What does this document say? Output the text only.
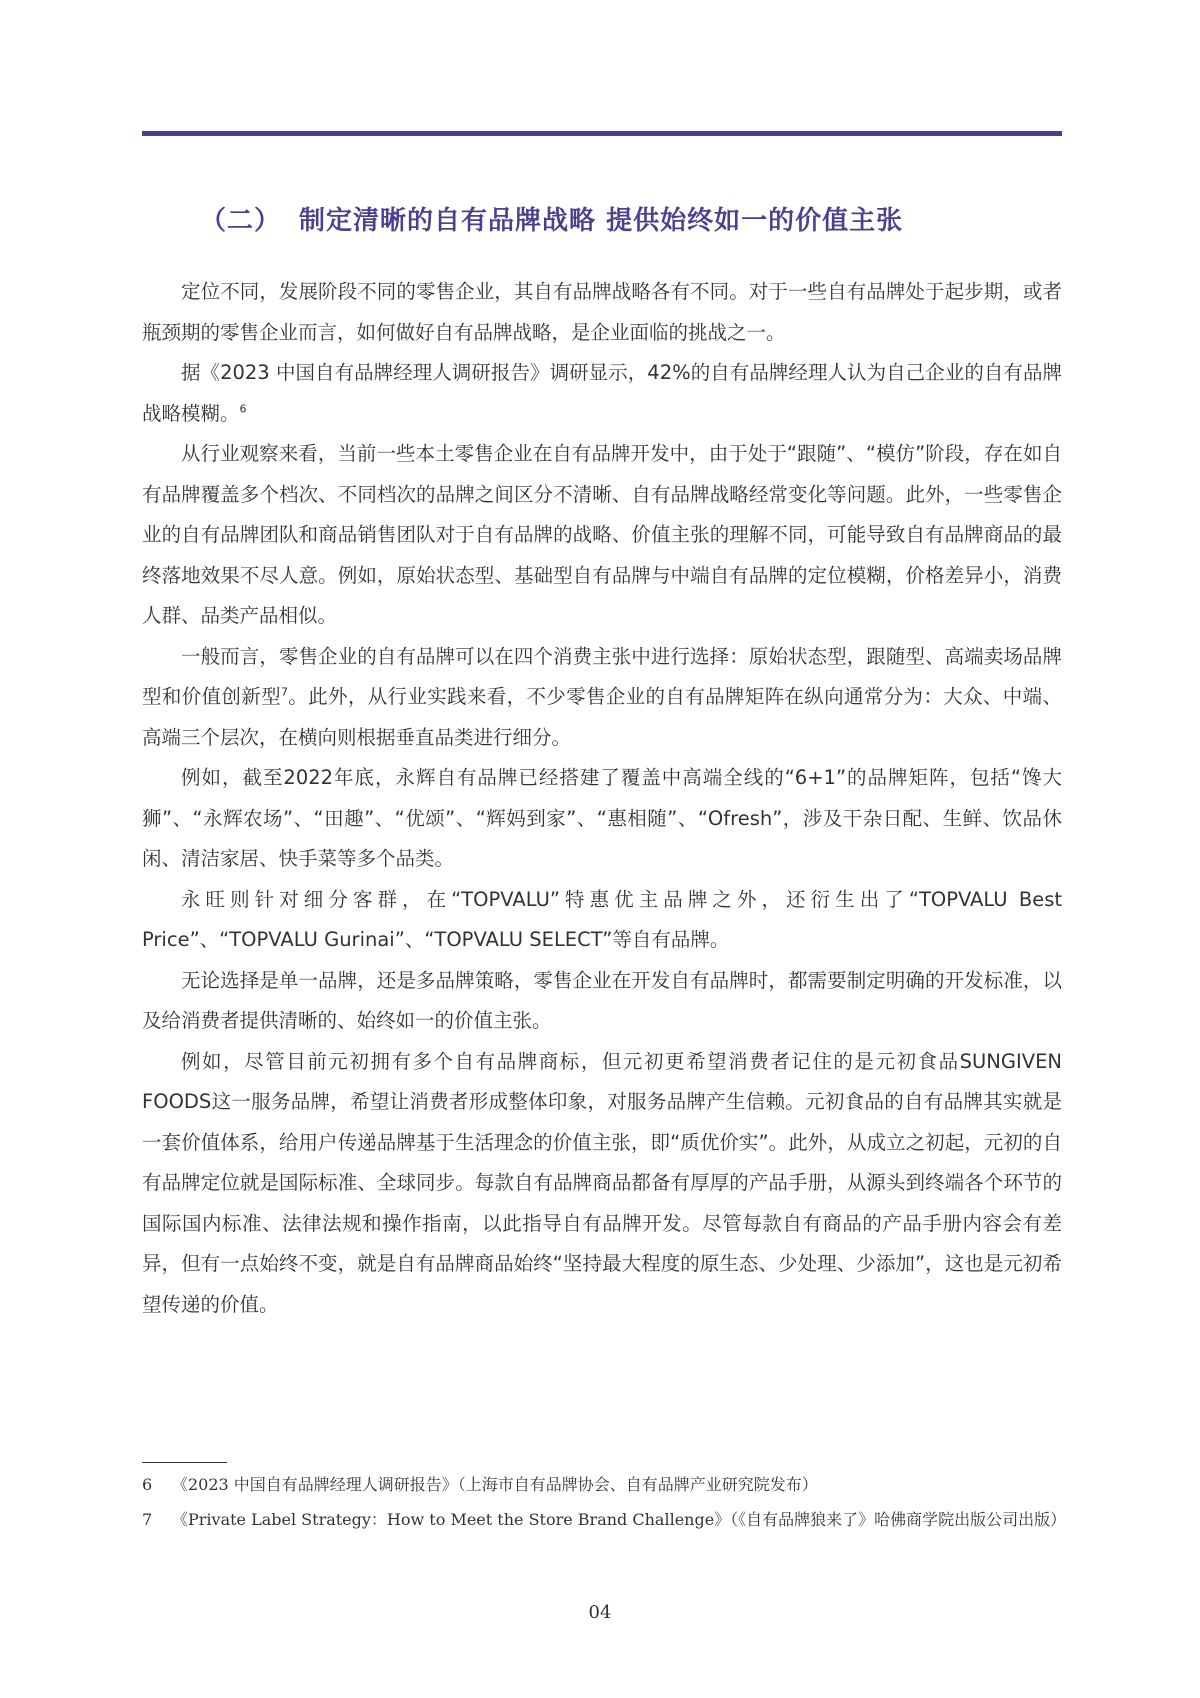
（二） 制定清晰的自有品牌战略 提供始终如一的价值主张

定位不同，发展阶段不同的零售企业，其自有品牌战略各有不同。对于一些自有品牌处于起步期，或者瓶颈期的零售企业而言，如何做好自有品牌战略，是企业面临的挑战之一。

据《2023 中国自有品牌经理人调研报告》调研显示，42%的自有品牌经理人认为自己企业的自有品牌战略模糊。$^6$

从行业观察来看，当前一些本土零售企业在自有品牌开发中，由于处于“跟随”、“模仿”阶段，存在如自有品牌覆盖多个档次、不同档次的品牌之间区分不清晰、自有品牌战略经常变化等问题。此外，一些零售企业的自有品牌团队和商品销售团队对于自有品牌的战略、价值主张的理解不同，可能导致自有品牌商品的最终落地效果不尽人意。例如，原始状态型、基础型自有品牌与中端自有品牌的定位模糊，价格差异小，消费人群、品类产品相似。

一般而言，零售企业的自有品牌可以在四个消费主张中进行选择：原始状态型，跟随型、高端卖场品牌型和价值创新型$^7$。此外，从行业实践来看，不少零售企业的自有品牌矩阵在纵向通常分为：大众、中端、高端三个层次，在横向则根据垂直品类进行细分。

例如，截至2022年底，永辉自有品牌已经搭建了覆盖中高端全线的“6+1”的品牌矩阵，包括“馋大狮”、“永辉农场”、“田趣”、“优颂”、“辉妈到家”、“惠相随”、“Ofresh”，涉及干杂日配、生鲜、饮品休闲、清洁家居、快手菜等多个品类。

永旺则针对细分客群，在“TOPVALU”特惠优主品牌之外，还衍生出了“TOPVALU Best Price”、“TOPVALU Gurinai”、“TOPVALU SELECT”等自有品牌。

无论选择是单一品牌，还是多品牌策略，零售企业在开发自有品牌时，都需要制定明确的开发标准，以及给消费者提供清晰的、始终如一的价值主张。

例如，尽管目前元初拥有多个自有品牌商标，但元初更希望消费者记住的是元初食品SUNGIVEN FOODS这一服务品牌，希望让消费者形成整体印象，对服务品牌产生信赖。元初食品的自有品牌其实就是一套价值体系，给用户传递品牌基于生活理念的价值主张，即“质优价实”。此外，从成立之初起，元初的自有品牌定位就是国际标准、全球同步。每款自有品牌商品都备有厚厚的产品手册，从源头到终端各个环节的国际国内标准、法律法规和操作指南，以此指导自有品牌开发。尽管每款自有商品的产品手册内容会有差异，但有一点始终不变，就是自有品牌商品始终“坚持最大程度的原生态、少处理、少添加”，这也是元初希望传递的价值。

6	《2023 中国自有品牌经理人调研报告》（上海市自有品牌协会、自有品牌产业研究院发布）
7	《Private Label Strategy：How to Meet the Store Brand Challenge》（《自有品牌狼来了》哈佛商学院出版公司出版）
04
